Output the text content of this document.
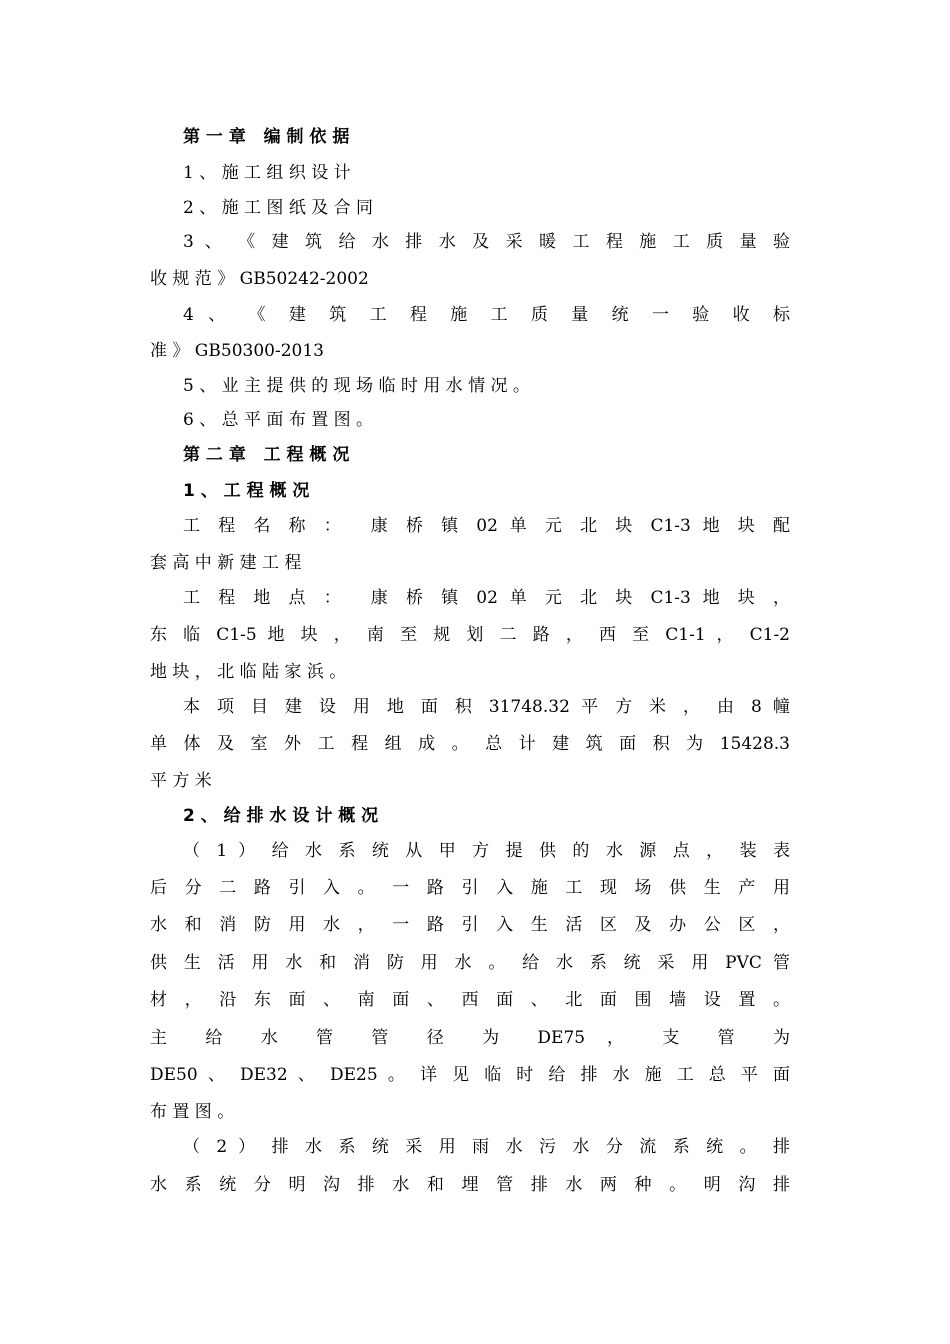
第 一 章   编 制 依 据
1 、 施 工 组 织 设 计
2 、 施 工 图 纸 及 合 同
3 、 《 建 筑 给 水 排 水 及 采 暖 工 程 施 工 质 量 验
收 规 范 》 GB50242-2002
4 、 《 建 筑 工 程 施 工 质 量 统 一 验 收 标
准 》 GB50300-2013
5 、 业 主 提 供 的 现 场 临 时 用 水 情 况 。
6 、 总 平 面 布 置 图 。
第 二 章   工 程 概 况
1 、 工 程 概 况
工 程 名 称 ：  康 桥 镇 02 单 元 北 块 C1-3 地 块 配
套 高 中 新 建 工 程
工 程 地 点 ：  康 桥 镇 02 单 元 北 块 C1-3 地 块 ，
东 临 C1-5 地 块 ， 南 至 规 划 二 路 ， 西 至 C1-1 ， C1-2
地 块 ， 北 临 陆 家 浜 。
本 项 目 建 设 用 地 面 积 31748.32 平 方 米 ， 由 8 幢
单 体 及 室 外 工 程 组 成 。 总 计 建 筑 面 积 为 15428.3
平 方 米
2 、 给 排 水 设 计 概 况
（ 1 ） 给 水 系 统 从 甲 方 提 供 的 水 源 点 ， 装 表
后 分 二 路 引 入 。 一 路 引 入 施 工 现 场 供 生 产 用
水 和 消 防 用 水 ， 一 路 引 入 生 活 区 及 办 公 区 ，
供 生 活 用 水 和 消 防 用 水 。 给 水 系 统 采 用 PVC 管
材 ， 沿 东 面 、 南 面 、 西 面 、 北 面 围 墙 设 置 。
主 给 水 管 管 径 为 DE75 ， 支 管 为
DE50 、 DE32 、 DE25 。 详 见 临 时 给 排 水 施 工 总 平 面
布 置 图 。
（ 2 ） 排 水 系 统 采 用 雨 水 污 水 分 流 系 统 。 排
水 系 统 分 明 沟 排 水 和 埋 管 排 水 两 种 。 明 沟 排
